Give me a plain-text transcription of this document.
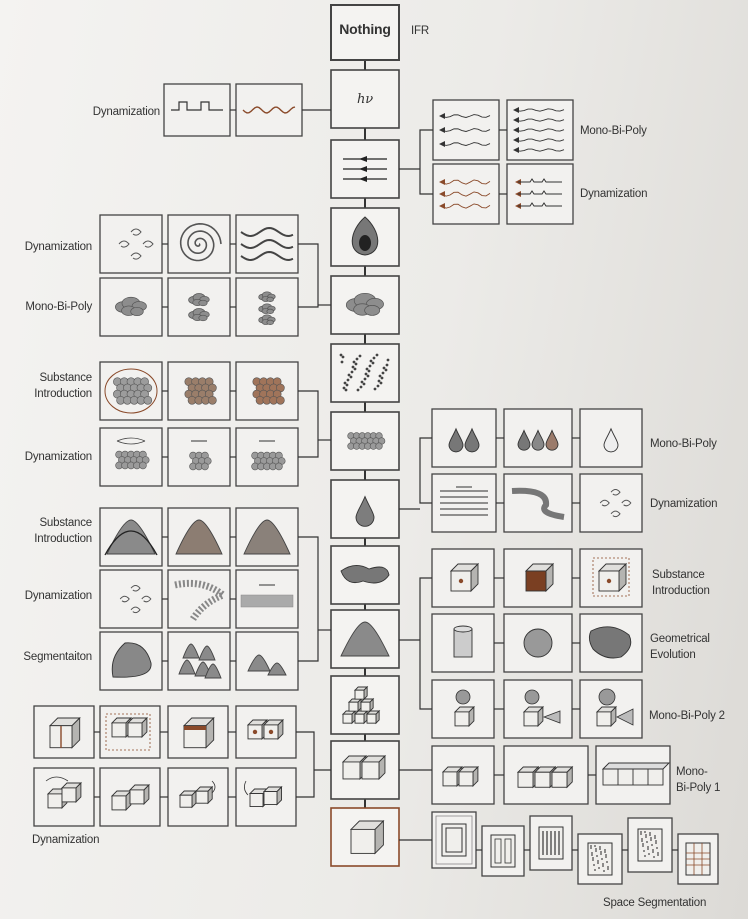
Nothing	IFR
hν
Dynamization
Mono-Bi-Poly
Dynamization
Dynamization
Mono-Bi-Poly
Substance
Introduction
Dynamization
Mono-Bi-Poly
Dynamization
Substance
Introduction
Substance
Introduction
Dynamization
Geometrical
Evolution
Segmentaiton
Mono-Bi-Poly 2
Mono-
Bi-Poly 1
Dynamization
Space Segmentation
